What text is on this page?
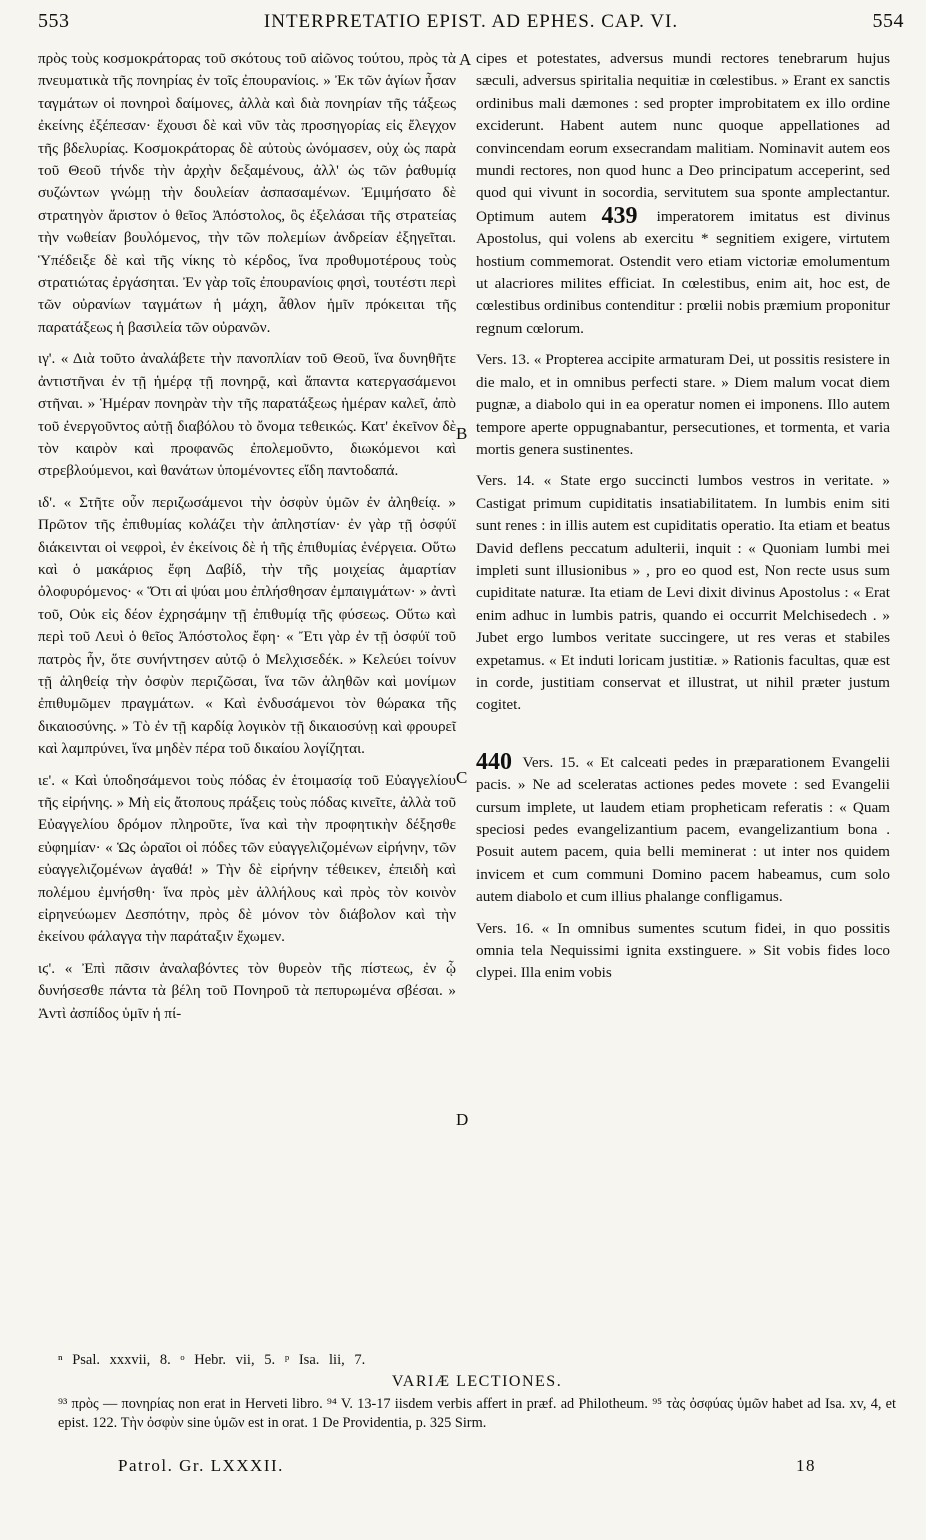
553	INTERPRETATIO EPIST. AD EPHES. CAP. VI.	554

πρὸς τοὺς κοσμοκράτορας τοῦ σκότους τοῦ αἰῶνος τούτου, πρὸς τὰ πνευματικὰ τῆς πονηρίας ἐν τοῖς ἐπουρανίοις. » Ἐκ τῶν ἁγίων ἦσαν ταγμάτων οἱ πονηροὶ δαίμονες, ἀλλὰ καὶ διὰ πονηρίαν τῆς τάξεως ἐκείνης ἐξέπεσαν· ἔχουσι δὲ καὶ νῦν τὰς προσηγορίας εἰς ἔλεγχον τῆς βδελυρίας. Κοσμοκράτορας δὲ αὐτοὺς ὠνόμασεν, οὐχ ὡς παρὰ τοῦ Θεοῦ τήνδε τὴν ἀρχὴν δεξαμένους, ἀλλ' ὡς τῶν ῥαθυμίᾳ συζώντων γνώμῃ τὴν δουλείαν ἀσπασαμένων. Ἐμιμήσατο δὲ στρατηγὸν ἄριστον ὁ θεῖος Ἀπόστολος, ὃς ἐξελάσαι τῆς στρατείας τὴν νωθείαν βουλόμενος, τὴν τῶν πολεμίων ἀνδρείαν ἐξηγεῖται. Ὑπέδειξε δὲ καὶ τῆς νίκης τὸ κέρδος, ἵνα προθυμοτέρους τοὺς στρατιώτας ἐργάσηται. Ἐν γὰρ τοῖς ἐπουρανίοις φησὶ, τουτέστι περὶ τῶν οὐρανίων ταγμάτων ἡ μάχη, ἆθλον ἡμῖν πρόκειται τῆς παρατάξεως ἡ βασιλεία τῶν οὐρανῶν.

ιγ'. « Διὰ τοῦτο ἀναλάβετε τὴν πανοπλίαν τοῦ Θεοῦ, ἵνα δυνηθῆτε ἀντιστῆναι ἐν τῇ ἡμέρᾳ τῇ πονηρᾷ, καὶ ἅπαντα κατεργασάμενοι στῆναι. » Ἡμέραν πονηρὰν τὴν τῆς παρατάξεως ἡμέραν καλεῖ, ἀπὸ τοῦ ἐνεργοῦντος αὐτῇ διαβόλου τὸ ὄνομα τεθεικώς. Κατ' ἐκεῖνον δὲ τὸν καιρὸν καὶ προφανῶς ἐπολεμοῦντο, διωκόμενοι καὶ στρεβλούμενοι, καὶ θανάτων ὑπομένοντες εἴδη παντοδαπά.

ιδ'. « Στῆτε οὖν περιζωσάμενοι τὴν ὀσφὺν ὑμῶν ἐν ἀληθείᾳ. » Πρῶτον τῆς ἐπιθυμίας κολάζει τὴν ἀπληστίαν· ἐν γὰρ τῇ ὀσφύϊ διάκεινται οἱ νεφροὶ, ἐν ἐκείνοις δὲ ἡ τῆς ἐπιθυμίας ἐνέργεια. Οὕτω καὶ ὁ μακάριος ἔφη Δαβίδ, τὴν τῆς μοιχείας ἁμαρτίαν ὀλοφυρόμενος· « Ὅτι αἱ ψύαι μου ἐπλήσθησαν ἐμπαιγμάτων· » ἀντὶ τοῦ, Οὐκ εἰς δέον ἐχρησάμην τῇ ἐπιθυμίᾳ τῆς φύσεως. Οὕτω καὶ περὶ τοῦ Λευὶ ὁ θεῖος Ἀπόστολος ἔφη· « Ἔτι γὰρ ἐν τῇ ὀσφύϊ τοῦ πατρὸς ἦν, ὅτε συνήντησεν αὐτῷ ὁ Μελχισεδέκ. » Κελεύει τοίνυν τῇ ἀληθείᾳ τὴν ὀσφὺν περιζῶσαι, ἵνα τῶν ἀληθῶν καὶ μονίμων ἐπιθυμῶμεν πραγμάτων. « Καὶ ἐνδυσάμενοι τὸν θώρακα τῆς δικαιοσύνης. » Τὸ ἐν τῇ καρδίᾳ λογικὸν τῇ δικαιοσύνῃ καὶ φρουρεῖ καὶ λαμπρύνει, ἵνα μηδὲν πέρα τοῦ δικαίου λογίζηται.

ιε'. « Καὶ ὑποδησάμενοι τοὺς πόδας ἐν ἑτοιμασίᾳ τοῦ Εὐαγγελίου τῆς εἰρήνης. » Μὴ εἰς ἄτοπους πράξεις τοὺς πόδας κινεῖτε, ἀλλὰ τοῦ Εὐαγγελίου δρόμον πληροῦτε, ἵνα καὶ τὴν προφητικὴν δέξησθε εὐφημίαν· « Ὡς ὡραῖοι οἱ πόδες τῶν εὐαγγελιζομένων εἰρήνην, τῶν εὐαγγελιζομένων ἀγαθά! » Τὴν δὲ εἰρήνην τέθεικεν, ἐπειδὴ καὶ πολέμου ἐμνήσθη· ἵνα πρὸς μὲν ἀλλήλους καὶ πρὸς τὸν κοινὸν εἰρηνεύωμεν Δεσπότην, πρὸς δὲ μόνον τὸν διάβολον καὶ τὴν ἐκείνου φάλαγγα τὴν παράταξιν ἔχωμεν.

ιϛ'. « Ἐπὶ πᾶσιν ἀναλαβόντες τὸν θυρεὸν τῆς πίστεως, ἐν ᾧ δυνήσεσθε πάντα τὰ βέλη τοῦ Πονηροῦ τὰ πεπυρωμένα σβέσαι. » Ἀντὶ ἀσπίδος ὑμῖν ἡ πί-

A
B
C
D

cipes et potestates, adversus mundi rectores tenebrarum hujus sæculi, adversus spiritalia nequitiæ in cœlestibus. » Erant ex sanctis ordinibus mali dæmones : sed propter improbitatem ex illo ordine exciderunt. Habent autem nunc quoque appellationes ad convincendam eorum exsecrandam malitiam. Nominavit autem eos mundi rectores, non quod hunc a Deo principatum acceperint, sed quod qui vivunt in socordia, servitutem sua sponte amplectantur. Optimum autem 439 imperatorem imitatus est divinus Apostolus, qui volens ab exercitu * segnitiem exigere, virtutem hostium commemorat. Ostendit vero etiam victoriæ emolumentum ut alacriores milites efficiat. In cœlestibus, enim ait, hoc est, de cœlestibus ordinibus contenditur : prœlii nobis præmium proponitur regnum cœlorum.

Vers. 13. « Propterea accipite armaturam Dei, ut possitis resistere in die malo, et in omnibus perfecti stare. » Diem malum vocat diem pugnæ, a diabolo qui in ea operatur nomen ei imponens. Illo autem tempore aperte oppugnabantur, persecutiones, et tormenta, et varia mortis genera sustinentes.

Vers. 14. « State ergo succincti lumbos vestros in veritate. » Castigat primum cupiditatis insatiabilitatem. In lumbis enim siti sunt renes : in illis autem est cupiditatis operatio. Ita etiam et beatus David deflens peccatum adulterii, inquit : « Quoniam lumbi mei impleti sunt illusionibus » , pro eo quod est, Non recte usus sum cupiditate naturæ. Ita etiam de Levi dixit divinus Apostolus : « Erat enim adhuc in lumbis patris, quando ei occurrit Melchisedech . » Jubet ergo lumbos veritate succingere, ut res veras et stabiles expetamus. « Et induti loricam justitiæ. » Rationis facultas, quæ est in corde, justitiam conservat et illustrat, ut nihil præter justum cogitet.

440 Vers. 15. « Et calceati pedes in præparationem Evangelii pacis. » Ne ad sceleratas actiones pedes movete : sed Evangelii cursum implete, ut laudem etiam propheticam referatis : « Quam speciosi pedes evangelizantium pacem, evangelizantium bona . Posuit autem pacem, quia belli meminerat : ut inter nos quidem invicem et cum communi Domino pacem habeamus, cum solo autem diabolo et cum illius phalange confligamus.

Vers. 16. « In omnibus sumentes scutum fidei, in quo possitis omnia tela Nequissimi ignita exstinguere. » Sit vobis fides loco clypei. Illa enim vobis

ⁿ Psal. xxxvii, 8. ᵒ Hebr. vii, 5. ᵖ Isa. lii, 7.

VARIÆ LECTIONES.

⁹³ πρὸς — πονηρίας non erat in Herveti libro. ⁹⁴ V. 13-17 iisdem verbis affert in præf. ad Philotheum. ⁹⁵ τὰς ὀσφύας ὑμῶν habet ad Isa. xv, 4, et epist. 122. Τὴν ὀσφὺν sine ὑμῶν est in orat. 1 De Providentia, p. 325 Sirm.

Patrol. Gr. LXXXII.	18
